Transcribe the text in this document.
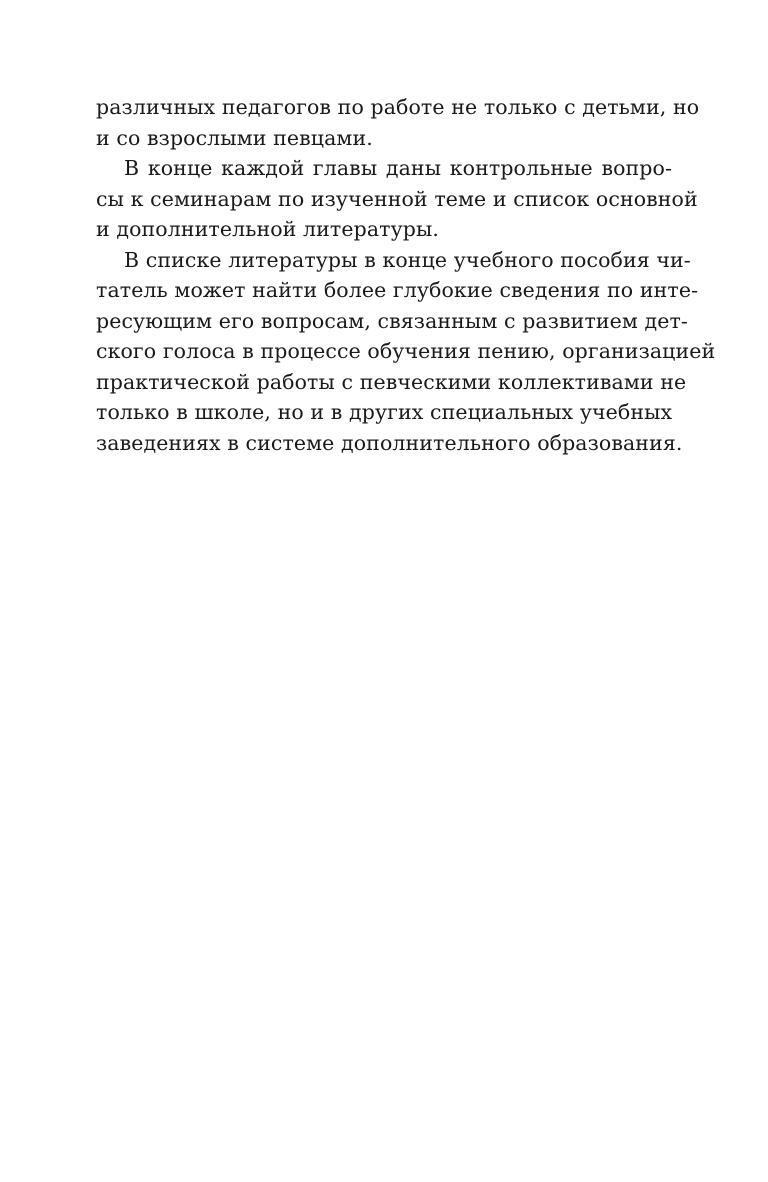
различных педагогов по работе не только с детьми, но
и со взрослыми певцами.
В конце каждой главы даны контрольные вопро-
сы к семинарам по изученной теме и список основной
и дополнительной литературы.
В списке литературы в конце учебного пособия чи-
татель может найти более глубокие сведения по инте-
ресующим его вопросам, связанным с развитием дет-
ского голоса в процессе обучения пению, организацией
практической работы с певческими коллективами не
только в школе, но и в других специальных учебных
заведениях в системе дополнительного образования.
